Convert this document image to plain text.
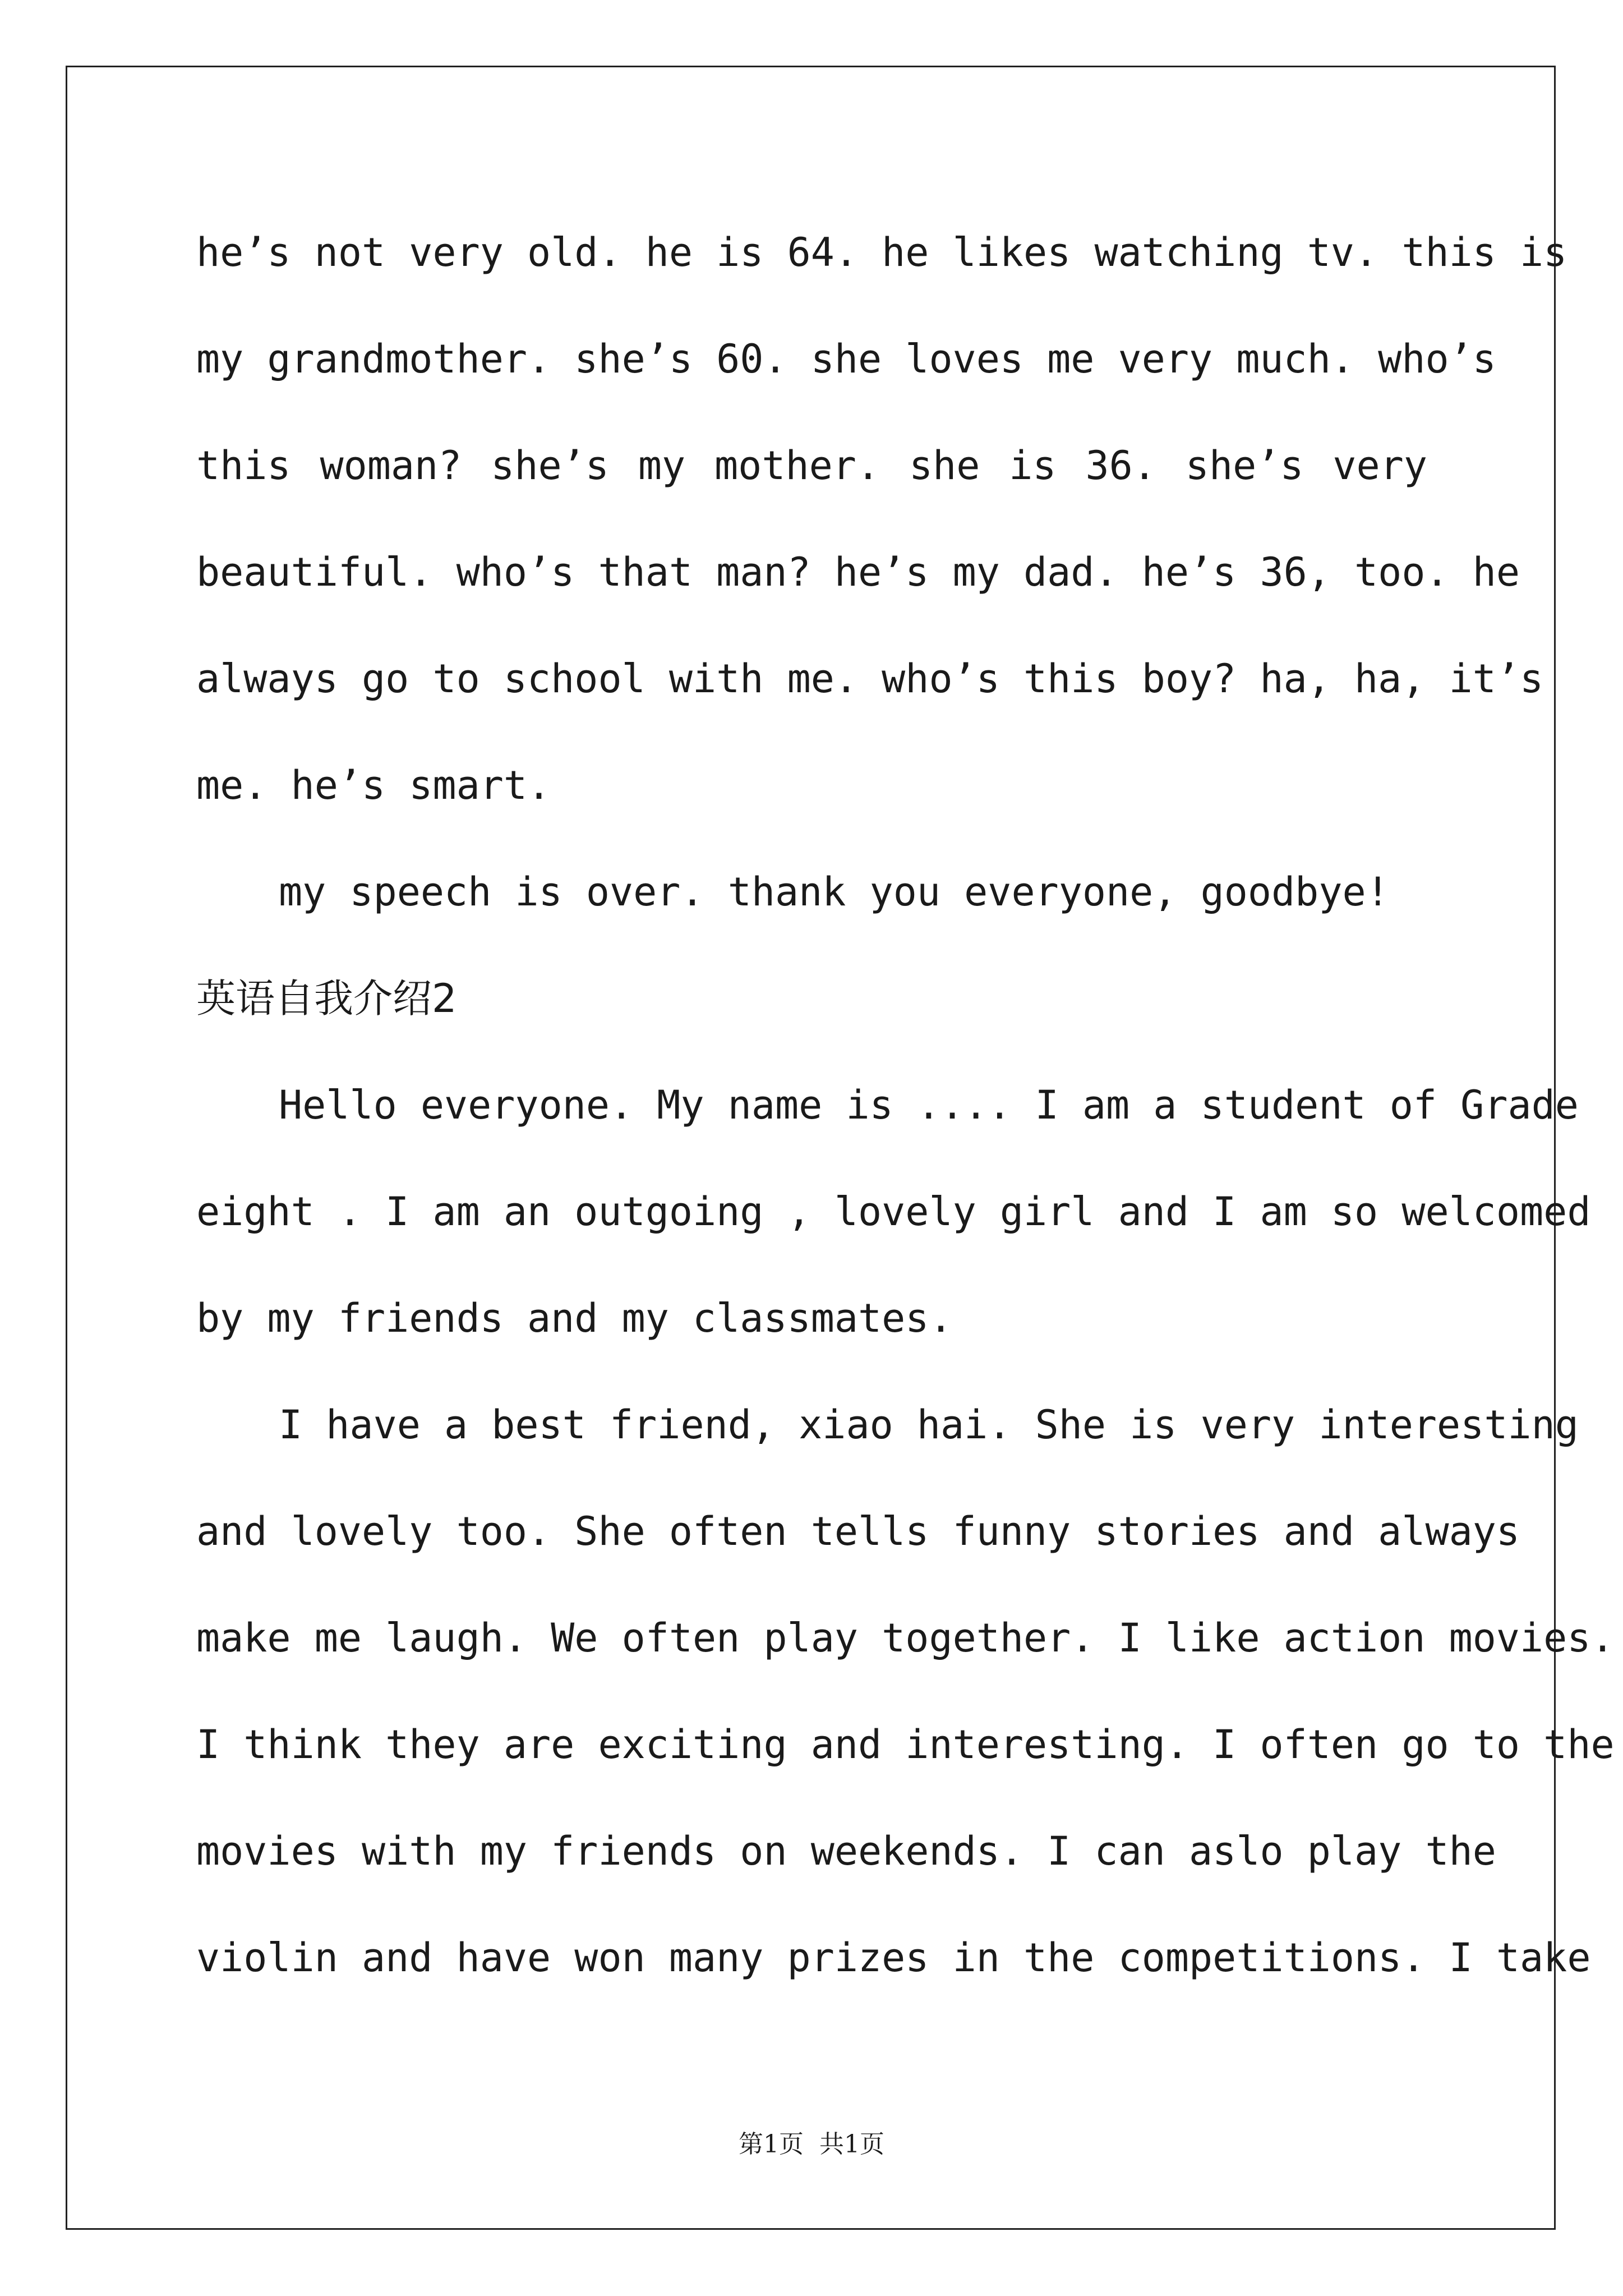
he’s not very old. he is 64. he likes watching tv. this is
my grandmother. she’s 60. she loves me very much. who’s
this woman? she’s my mother. she is 36. she’s very
beautiful. who’s that man? he’s my dad. he’s 36, too. he
always go to school with me. who’s this boy? ha, ha, it’s
me. he’s smart.
my speech is over. thank you everyone, goodbye!
英语自我介绍2
Hello everyone. My name is .... I am a student of Grade
eight . I am an outgoing , lovely girl and I am so welcomed
by my friends and my classmates.
I have a best friend, xiao hai. She is very interesting
and lovely too. She often tells funny stories and always
make me laugh. We often play together. I like action movies.
I think they are exciting and interesting. I often go to the
movies with my friends on weekends. I can aslo play the
violin and have won many prizes in the competitions. I take
第1页  共1页
